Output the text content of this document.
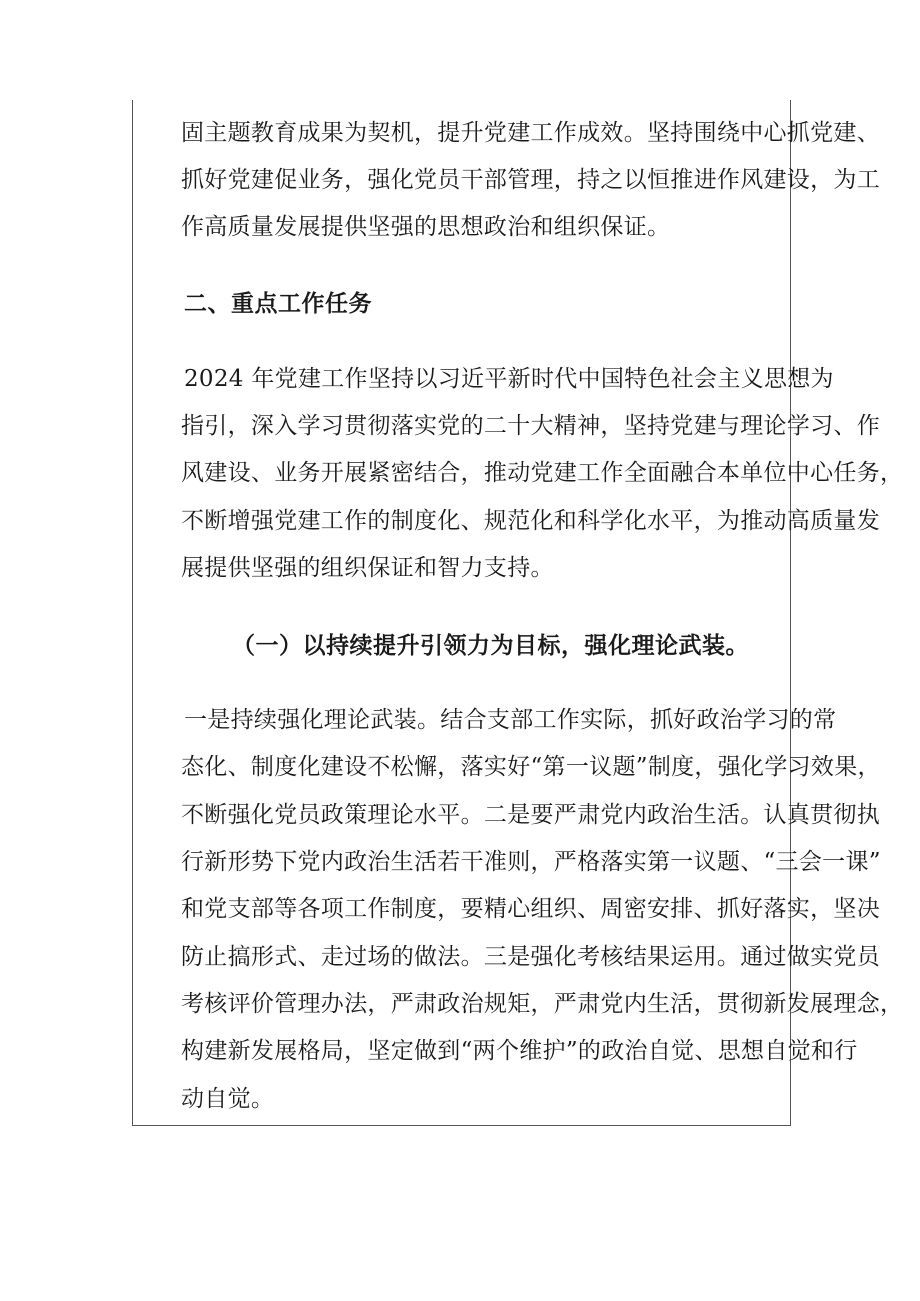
固主题教育成果为契机，提升党建工作成效。坚持围绕中心抓党建、
抓好党建促业务，强化党员干部管理，持之以恒推进作风建设，为工
作高质量发展提供坚强的思想政治和组织保证。
二、重点工作任务
2024 年党建工作坚持以习近平新时代中国特色社会主义思想为
指引，深入学习贯彻落实党的二十大精神，坚持党建与理论学习、作
风建设、业务开展紧密结合，推动党建工作全面融合本单位中心任务，
不断增强党建工作的制度化、规范化和科学化水平，为推动高质量发
展提供坚强的组织保证和智力支持。
（一）以持续提升引领力为目标，强化理论武装。
一是持续强化理论武装。结合支部工作实际，抓好政治学习的常
态化、制度化建设不松懈，落实好“第一议题”制度，强化学习效果，
不断强化党员政策理论水平。二是要严肃党内政治生活。认真贯彻执
行新形势下党内政治生活若干准则，严格落实第一议题、“三会一课”
和党支部等各项工作制度，要精心组织、周密安排、抓好落实，坚决
防止搞形式、走过场的做法。三是强化考核结果运用。通过做实党员
考核评价管理办法，严肃政治规矩，严肃党内生活，贯彻新发展理念，
构建新发展格局，坚定做到“两个维护”的政治自觉、思想自觉和行
动自觉。
